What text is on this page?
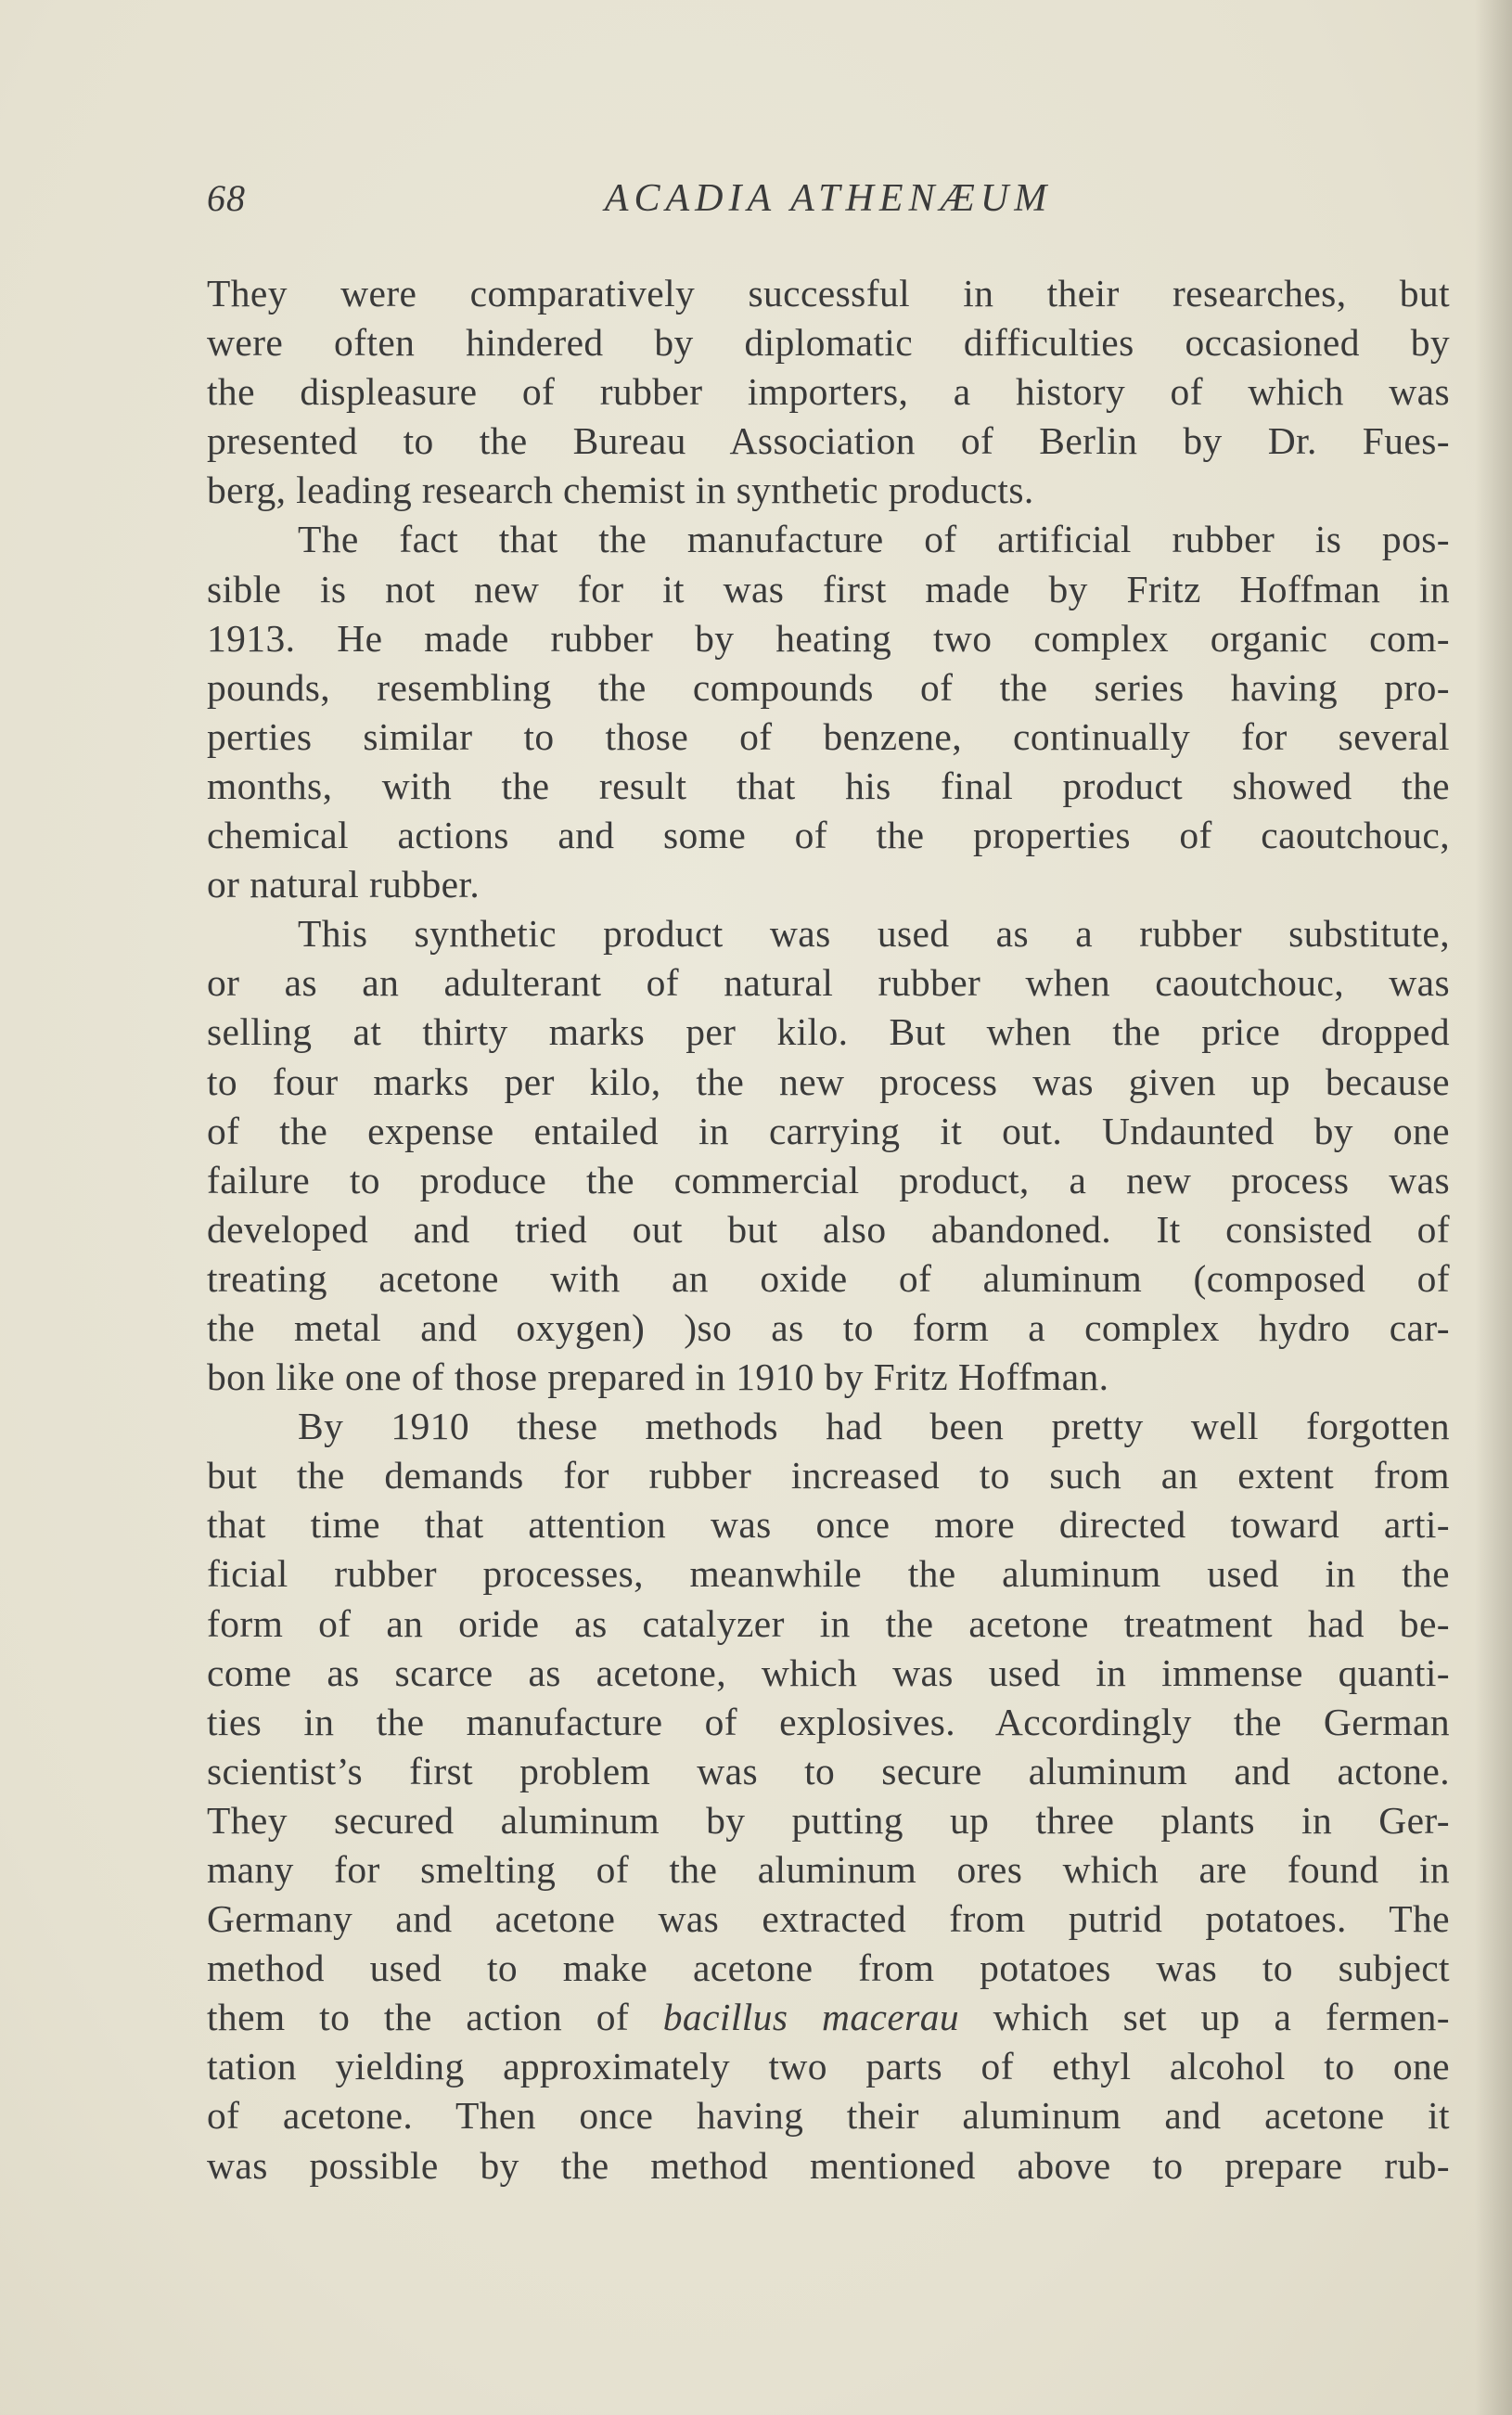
68	ACADIA ATHENÆUM
They were comparatively successful in their researches, but
were often hindered by diplomatic difficulties occasioned by
the displeasure of rubber importers, a history of which was
presented to the Bureau Association of Berlin by Dr. Fues-
berg, leading research chemist in synthetic products.
The fact that the manufacture of artificial rubber is pos-
sible is not new for it was first made by Fritz Hoffman in
1913. He made rubber by heating two complex organic com-
pounds, resembling the compounds of the series having pro-
perties similar to those of benzene, continually for several
months, with the result that his final product showed the
chemical actions and some of the properties of caoutchouc,
or natural rubber.
This synthetic product was used as a rubber substitute,
or as an adulterant of natural rubber when caoutchouc, was
selling at thirty marks per kilo. But when the price dropped
to four marks per kilo, the new process was given up because
of the expense entailed in carrying it out. Undaunted by one
failure to produce the commercial product, a new process was
developed and tried out but also abandoned. It consisted of
treating acetone with an oxide of aluminum (composed of
the metal and oxygen) )so as to form a complex hydro car-
bon like one of those prepared in 1910 by Fritz Hoffman.
By 1910 these methods had been pretty well forgotten
but the demands for rubber increased to such an extent from
that time that attention was once more directed toward arti-
ficial rubber processes, meanwhile the aluminum used in the
form of an oride as catalyzer in the acetone treatment had be-
come as scarce as acetone, which was used in immense quanti-
ties in the manufacture of explosives. Accordingly the German
scientist’s first problem was to secure aluminum and actone.
They secured aluminum by putting up three plants in Ger-
many for smelting of the aluminum ores which are found in
Germany and acetone was extracted from putrid potatoes. The
method used to make acetone from potatoes was to subject
them to the action of bacillus macerau which set up a fermen-
tation yielding approximately two parts of ethyl alcohol to one
of acetone. Then once having their aluminum and acetone it
was possible by the method mentioned above to prepare rub-
